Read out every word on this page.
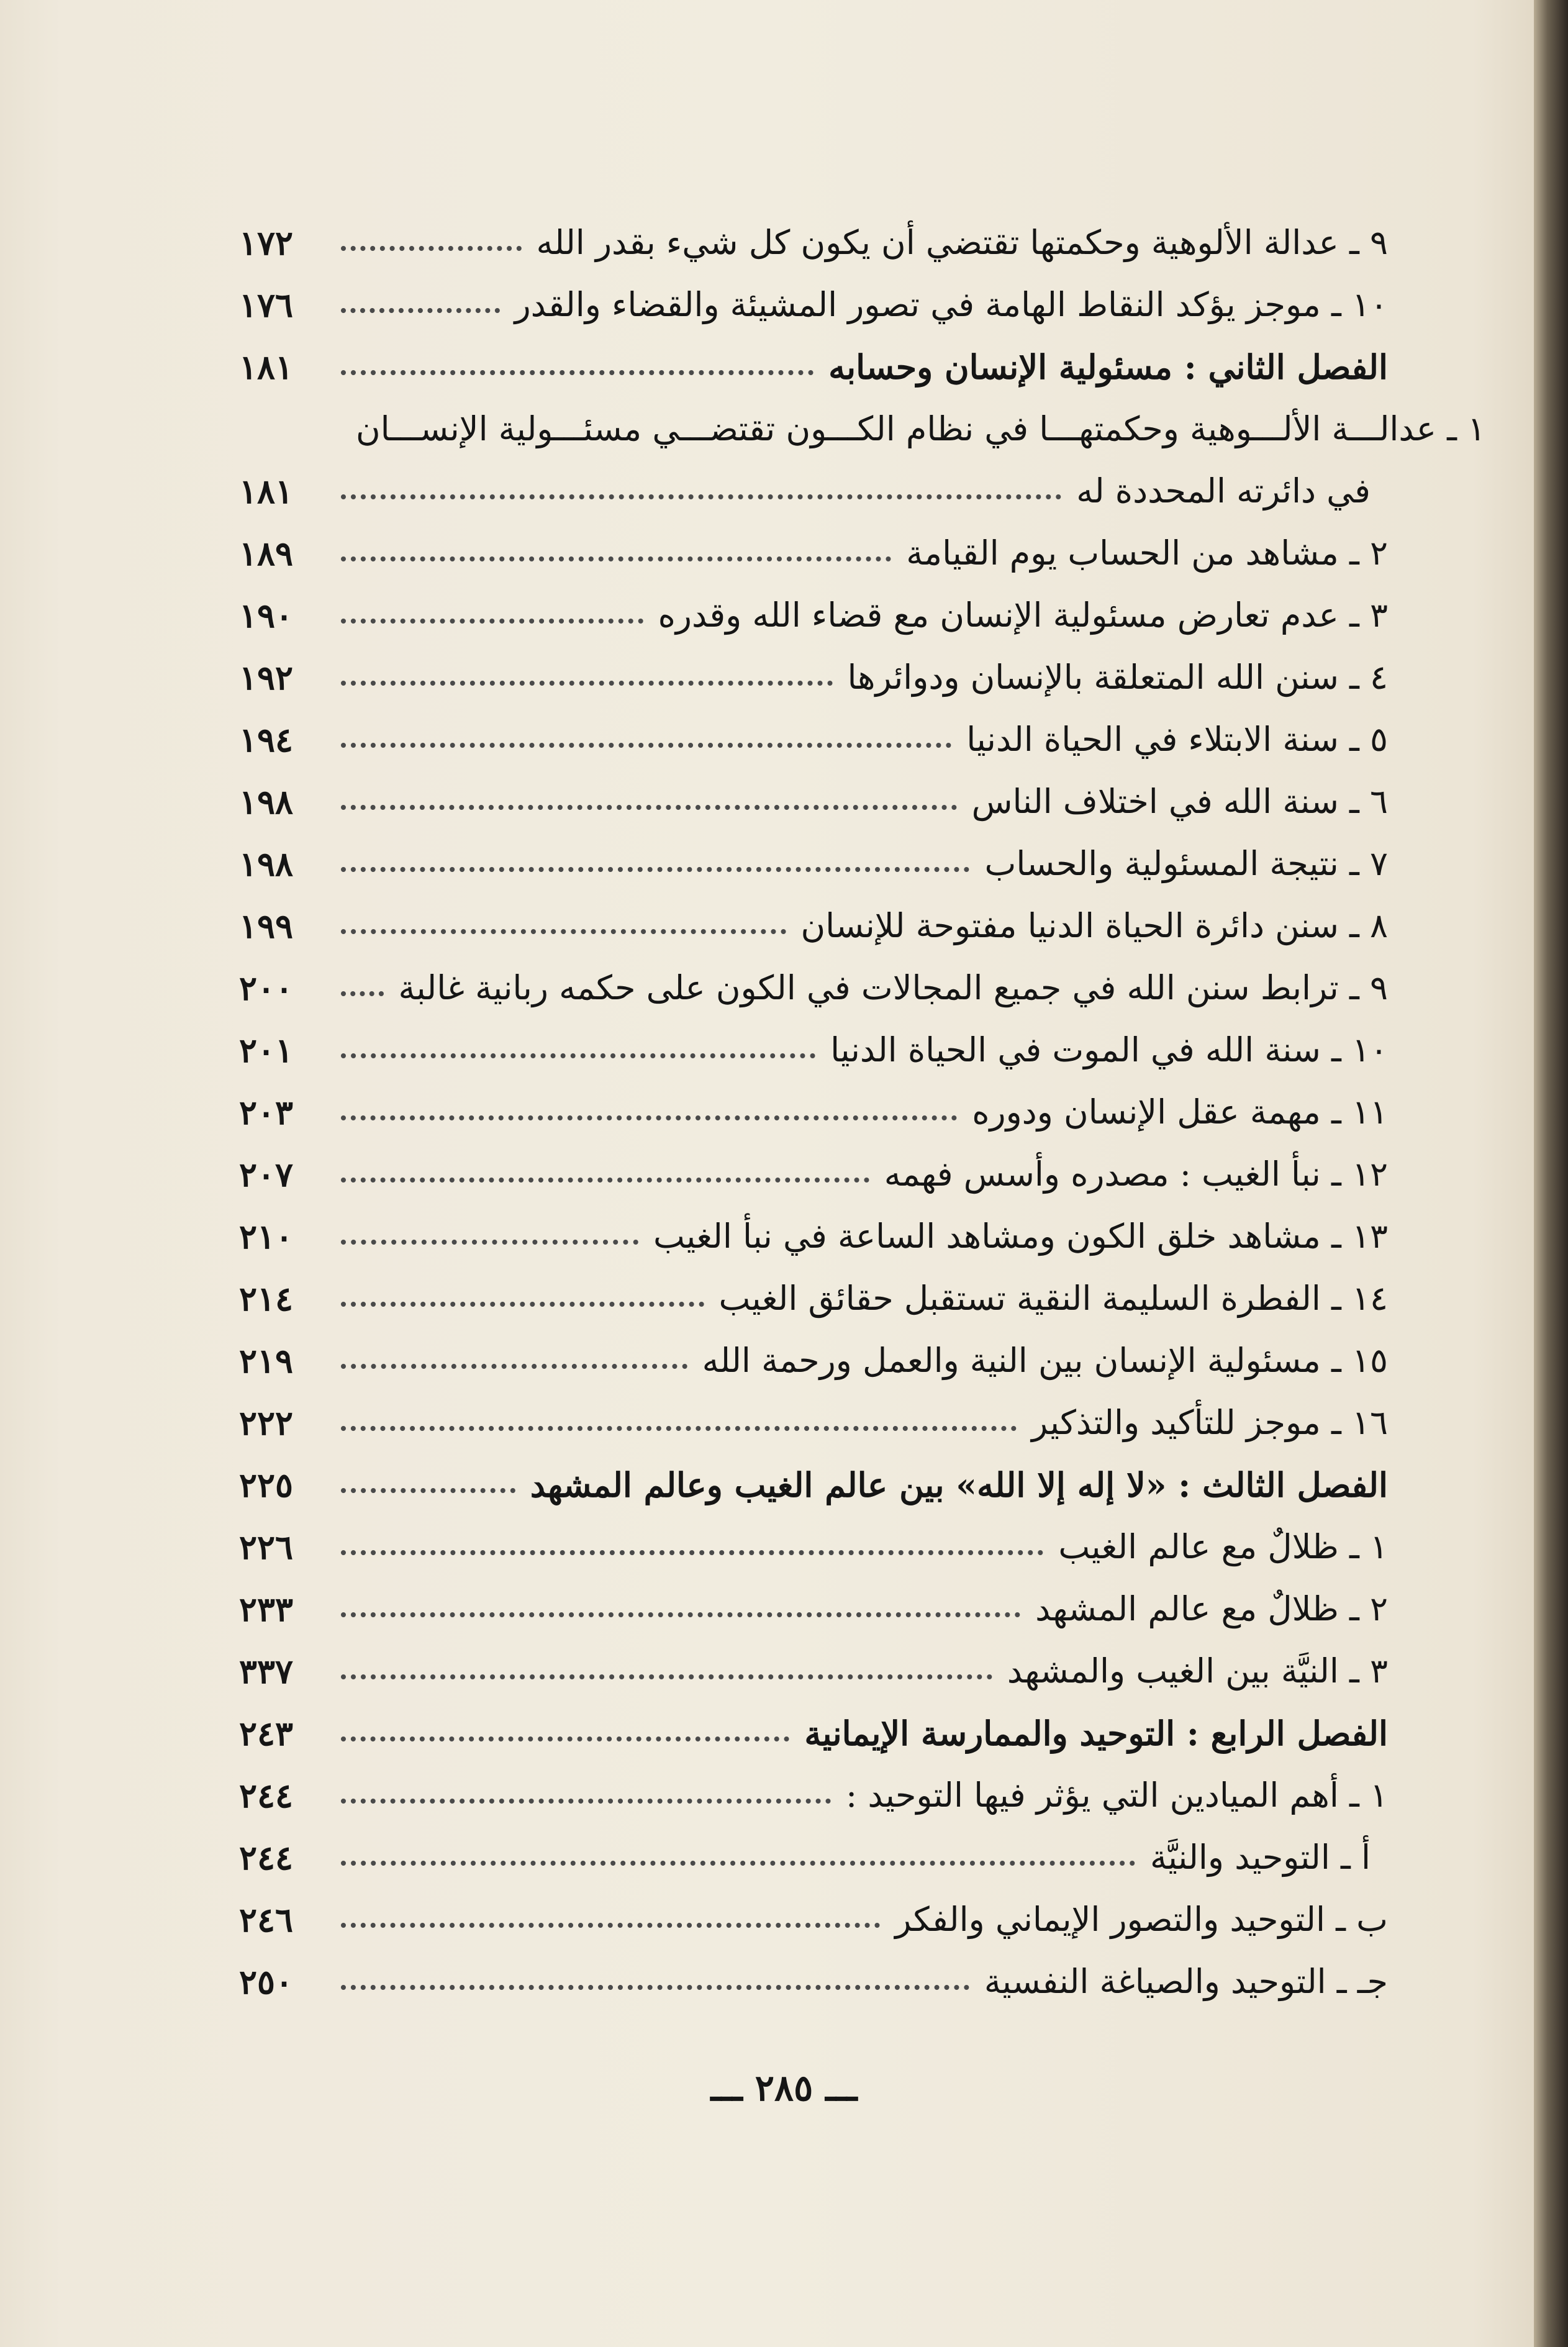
١٧٢	٩ ـ عدالة الألوهية وحكمتها تقتضي أن يكون كل شيء بقدر الله
١٧٦	١٠ ـ موجز يؤكد النقاط الهامة في تصور المشيئة والقضاء والقدر
١٨١	الفصل الثاني : مسئولية الإنسان وحسابه
١ ـ عدالـــة الألـــوهية وحكمتهـــا في نظام الكـــون تقتضـــي مسئـــولية الإنســـان
١٨١	في دائرته المحددة له
١٨٩	٢ ـ مشاهد من الحساب يوم القيامة
١٩٠	٣ ـ عدم تعارض مسئولية الإنسان مع قضاء الله وقدره
١٩٢	٤ ـ سنن الله المتعلقة بالإنسان ودوائرها
١٩٤	٥ ـ سنة الابتلاء في الحياة الدنيا
١٩٨	٦ ـ سنة الله في اختلاف الناس
١٩٨	٧ ـ نتيجة المسئولية والحساب
١٩٩	٨ ـ سنن دائرة الحياة الدنيا مفتوحة للإنسان
٢٠٠	٩ ـ ترابط سنن الله في جميع المجالات في الكون على حكمه ربانية غالبة
٢٠١	١٠ ـ سنة الله في الموت في الحياة الدنيا
٢٠٣	١١ ـ مهمة عقل الإنسان ودوره
٢٠٧	١٢ ـ نبأ الغيب : مصدره وأسس فهمه
٢١٠	١٣ ـ مشاهد خلق الكون ومشاهد الساعة في نبأ الغيب
٢١٤	١٤ ـ الفطرة السليمة النقية تستقبل حقائق الغيب
٢١٩	١٥ ـ مسئولية الإنسان بين النية والعمل ورحمة الله
٢٢٢	١٦ ـ موجز للتأكيد والتذكير
٢٢٥	الفصل الثالث : «لا إله إلا الله» بين عالم الغيب وعالم المشهد
٢٢٦	١ ـ ظلالٌ مع عالم الغيب
٢٣٣	٢ ـ ظلالٌ مع عالم المشهد
٣٣٧	٣ ـ النيَّة بين الغيب والمشهد
٢٤٣	الفصل الرابع : التوحيد والممارسة الإيمانية
٢٤٤	١ ـ أهم الميادين التي يؤثر فيها التوحيد :
٢٤٤	أ ـ التوحيد والنيَّة
٢٤٦	ب ـ التوحيد والتصور الإيماني والفكر
٢٥٠	جـ ـ التوحيد والصياغة النفسية
ـــ ٢٨٥ ـــ
